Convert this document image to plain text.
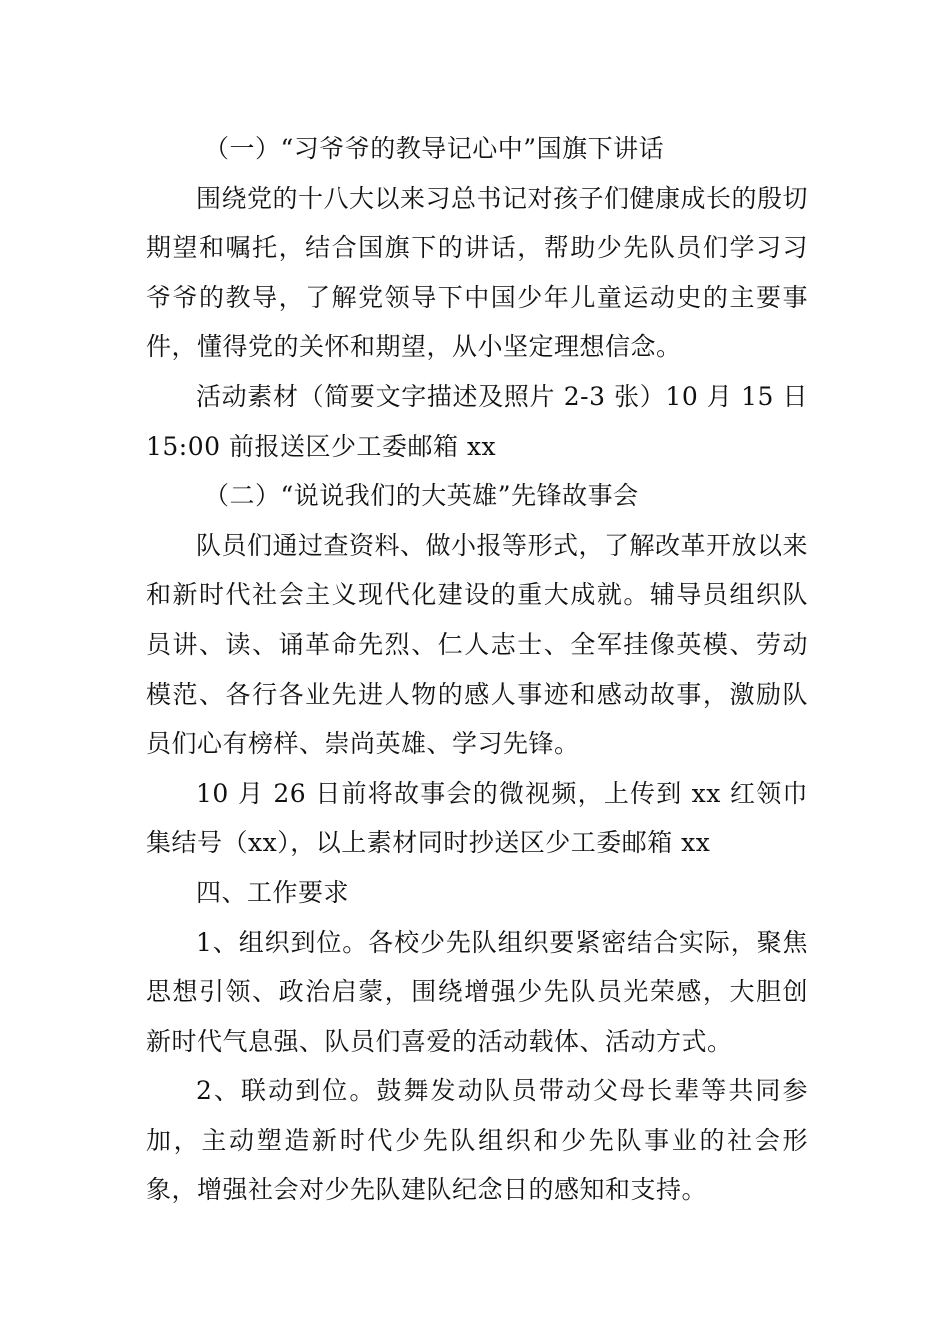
（一）“习爷爷的教导记心中”国旗下讲话

围绕党的十八大以来习总书记对孩子们健康成长的殷切期望和嘱托，结合国旗下的讲话，帮助少先队员们学习习爷爷的教导，了解党领导下中国少年儿童运动史的主要事件，懂得党的关怀和期望，从小坚定理想信念。

活动素材（简要文字描述及照片 2-3 张）10 月 15 日 15:00 前报送区少工委邮箱 xx

（二）“说说我们的大英雄”先锋故事会

队员们通过查资料、做小报等形式，了解改革开放以来和新时代社会主义现代化建设的重大成就。辅导员组织队员讲、读、诵革命先烈、仁人志士、全军挂像英模、劳动模范、各行各业先进人物的感人事迹和感动故事，激励队员们心有榜样、崇尚英雄、学习先锋。

10 月 26 日前将故事会的微视频，上传到 xx 红领巾集结号（xx），以上素材同时抄送区少工委邮箱 xx

四、工作要求

1、组织到位。各校少先队组织要紧密结合实际，聚焦思想引领、政治启蒙，围绕增强少先队员光荣感，大胆创新时代气息强、队员们喜爱的活动载体、活动方式。

2、联动到位。鼓舞发动队员带动父母长辈等共同参加，主动塑造新时代少先队组织和少先队事业的社会形象，增强社会对少先队建队纪念日的感知和支持。
